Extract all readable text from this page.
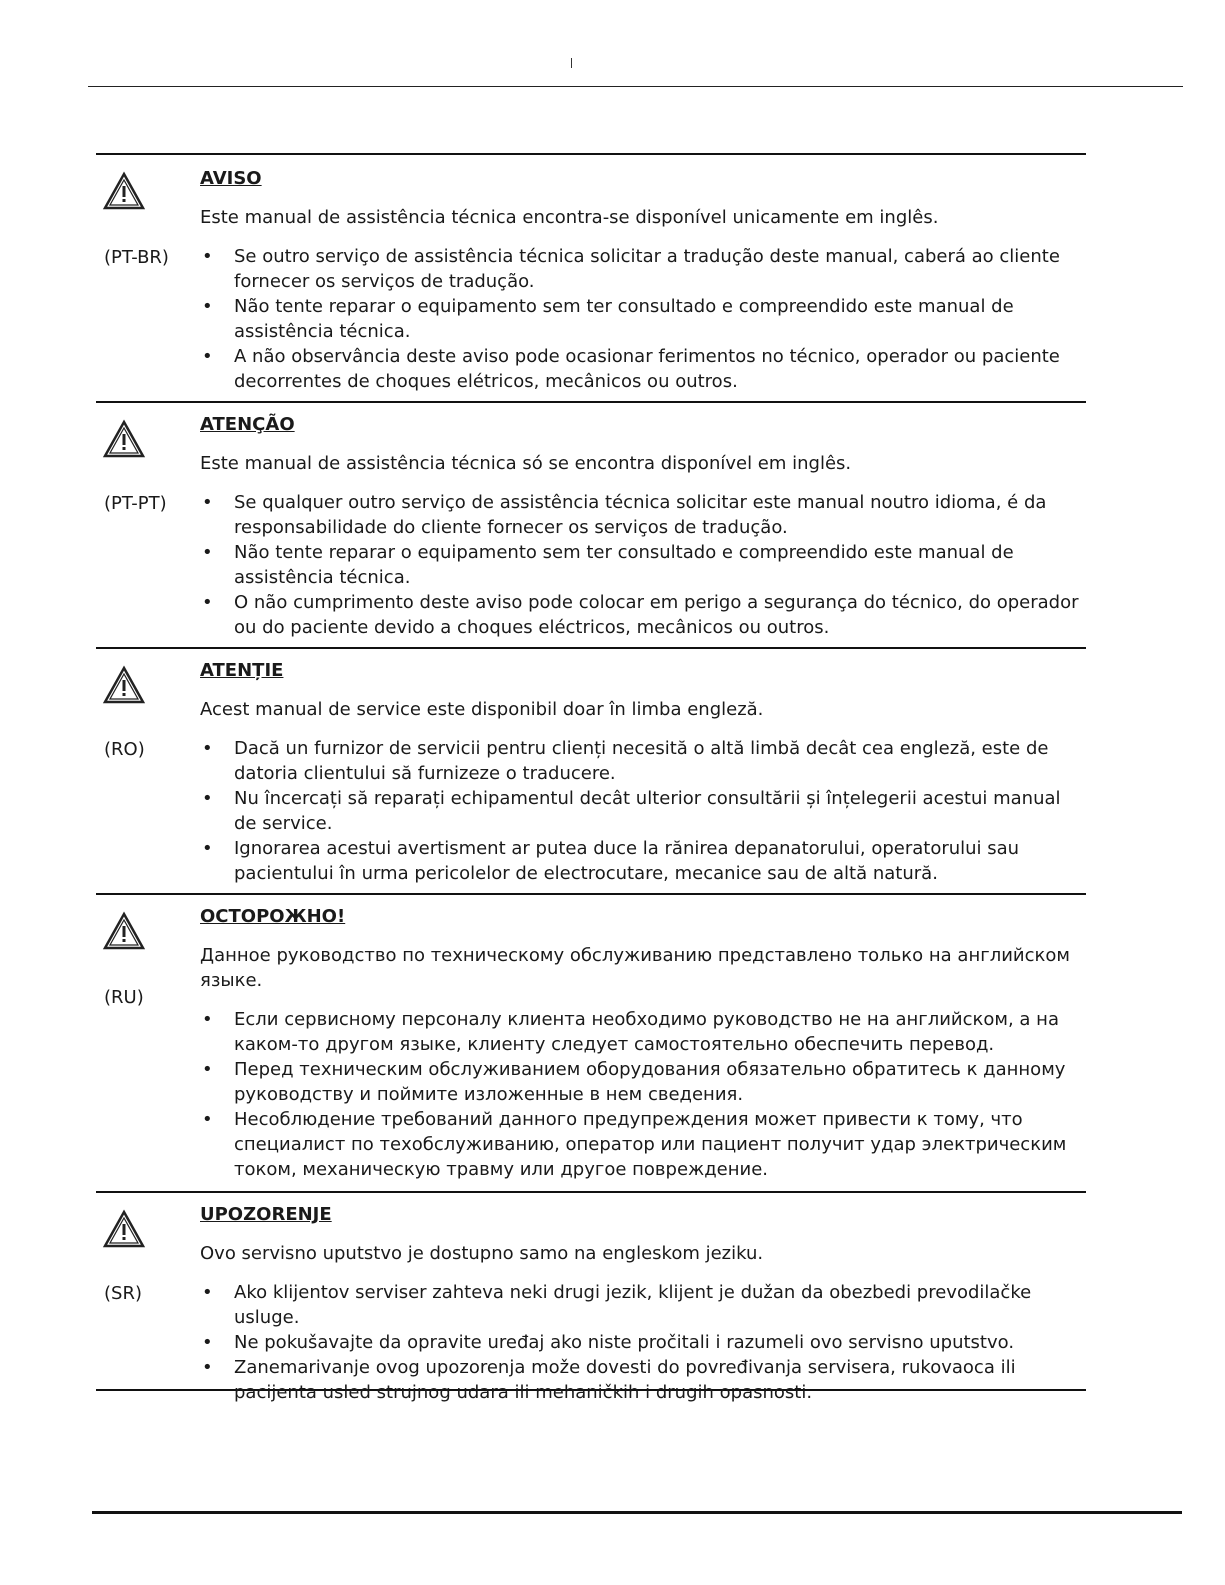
(PT-BR)

AVISO

Este manual de assistência técnica encontra-se disponível unicamente em inglês.

• Se outro serviço de assistência técnica solicitar a tradução deste manual, caberá ao cliente fornecer os serviços de tradução.
• Não tente reparar o equipamento sem ter consultado e compreendido este manual de assistência técnica.
• A não observância deste aviso pode ocasionar ferimentos no técnico, operador ou paciente decorrentes de choques elétricos, mecânicos ou outros.
(PT-PT)

ATENÇÃO

Este manual de assistência técnica só se encontra disponível em inglês.

• Se qualquer outro serviço de assistência técnica solicitar este manual noutro idioma, é da responsabilidade do cliente fornecer os serviços de tradução.
• Não tente reparar o equipamento sem ter consultado e compreendido este manual de assistência técnica.
• O não cumprimento deste aviso pode colocar em perigo a segurança do técnico, do operador ou do paciente devido a choques eléctricos, mecânicos ou outros.
(RO)

ATENȚIE

Acest manual de service este disponibil doar în limba engleză.

• Dacă un furnizor de servicii pentru clienți necesită o altă limbă decât cea engleză, este de datoria clientului să furnizeze o traducere.
• Nu încercați să reparați echipamentul decât ulterior consultării și înțelegerii acestui manual de service.
• Ignorarea acestui avertisment ar putea duce la rănirea depanatorului, operatorului sau pacientului în urma pericolelor de electrocutare, mecanice sau de altă natură.
(RU)

ОСТОРОЖНО!

Данное руководство по техническому обслуживанию представлено только на английском языке.

• Если сервисному персоналу клиента необходимо руководство не на английском, а на каком-то другом языке, клиенту следует самостоятельно обеспечить перевод.
• Перед техническим обслуживанием оборудования обязательно обратитесь к данному руководству и поймите изложенные в нем сведения.
• Несоблюдение требований данного предупреждения может привести к тому, что специалист по техобслуживанию, оператор или пациент получит удар электрическим током, механическую травму или другое повреждение.
(SR)

UPOZORENJE

Ovo servisno uputstvo je dostupno samo na engleskom jeziku.

• Ako klijentov serviser zahteva neki drugi jezik, klijent je dužan da obezbedi prevodilačke usluge.
• Ne pokušavajte da opravite uređaj ako niste pročitali i razumeli ovo servisno uputstvo.
• Zanemarivanje ovog upozorenja može dovesti do povređivanja servisera, rukovaoca ili pacijenta usled strujnog udara ili mehaničkih i drugih opasnosti.
